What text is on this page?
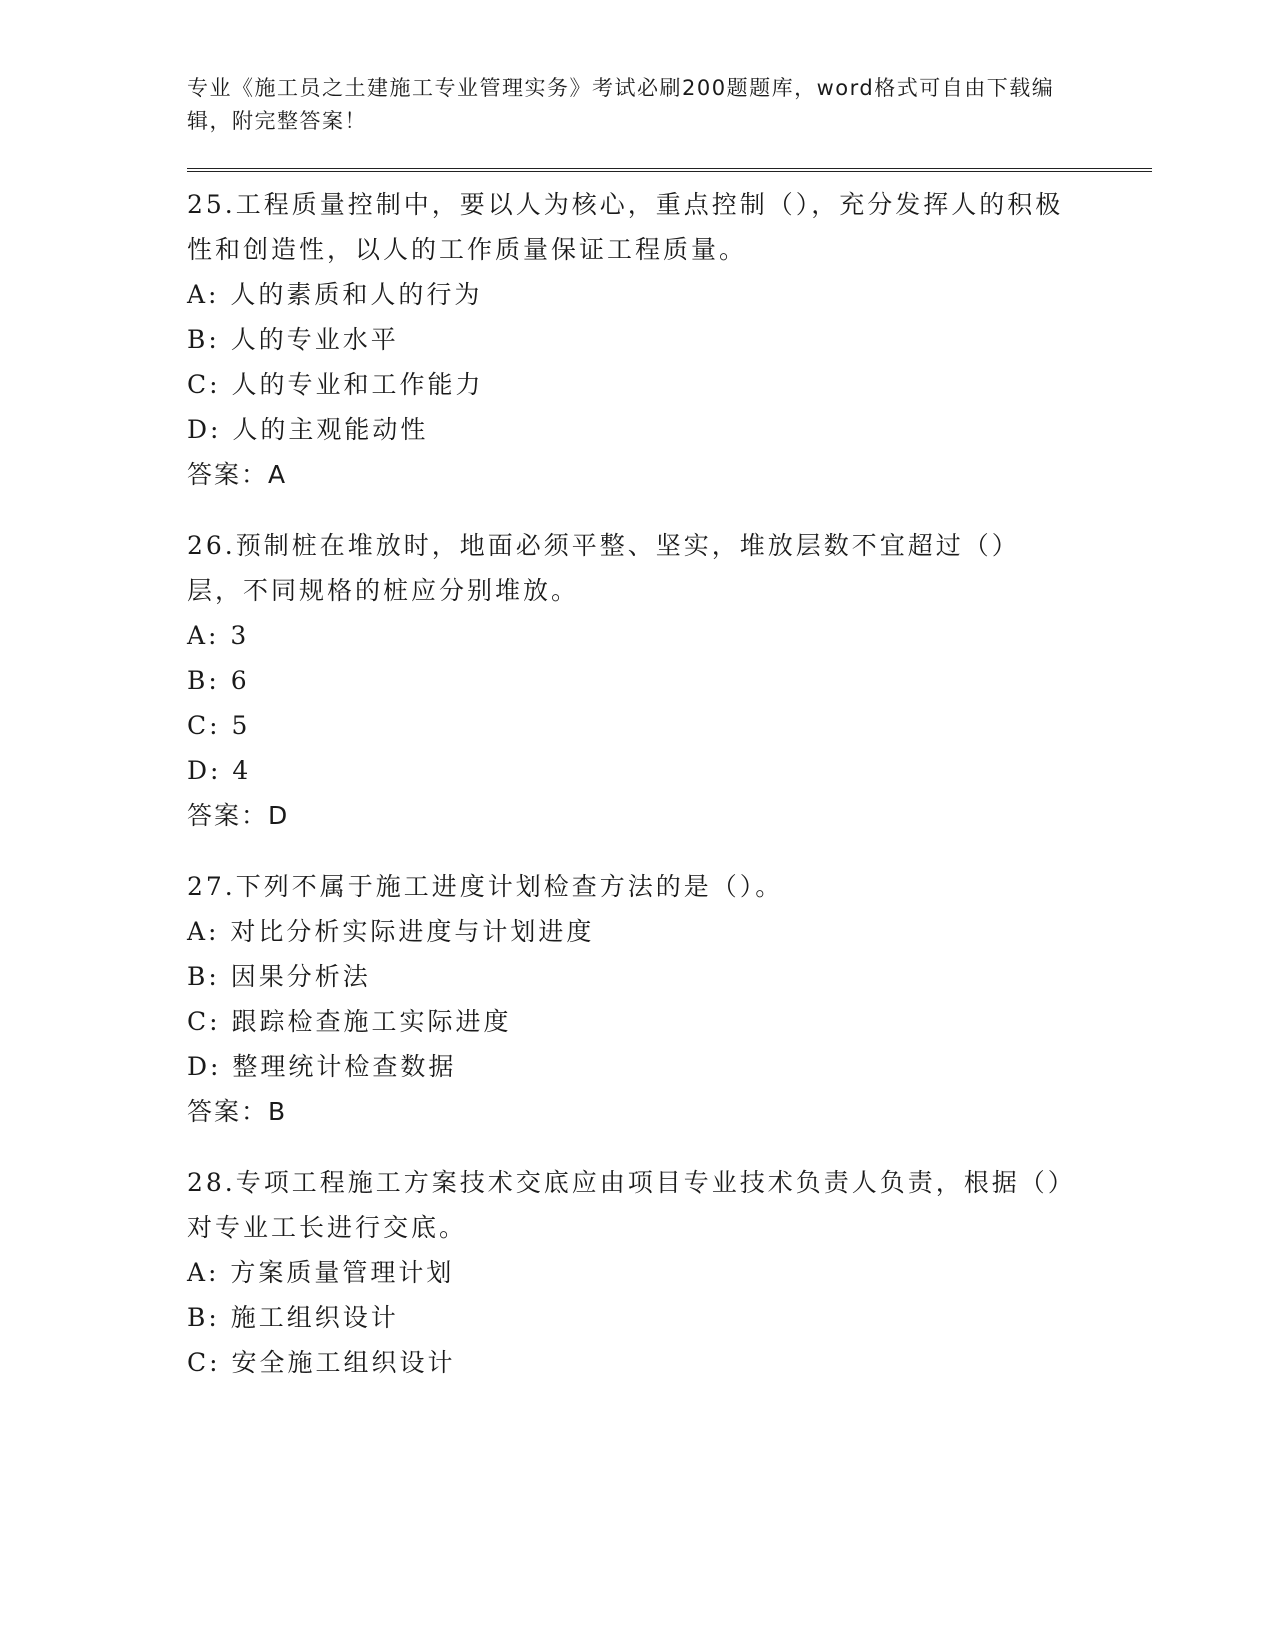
专业《施工员之土建施工专业管理实务》考试必刷200题题库，word格式可自由下载编辑，附完整答案！
25.工程质量控制中，要以人为核心，重点控制（），充分发挥人的积极性和创造性，以人的工作质量保证工程质量。
A: 人的素质和人的行为
B: 人的专业水平
C: 人的专业和工作能力
D: 人的主观能动性
答案：A
26.预制桩在堆放时，地面必须平整、坚实，堆放层数不宜超过（）层，不同规格的桩应分别堆放。
A: 3
B: 6
C: 5
D: 4
答案：D
27.下列不属于施工进度计划检查方法的是（）。
A: 对比分析实际进度与计划进度
B: 因果分析法
C: 跟踪检查施工实际进度
D: 整理统计检查数据
答案：B
28.专项工程施工方案技术交底应由项目专业技术负责人负责，根据（）对专业工长进行交底。
A: 方案质量管理计划
B: 施工组织设计
C: 安全施工组织设计
